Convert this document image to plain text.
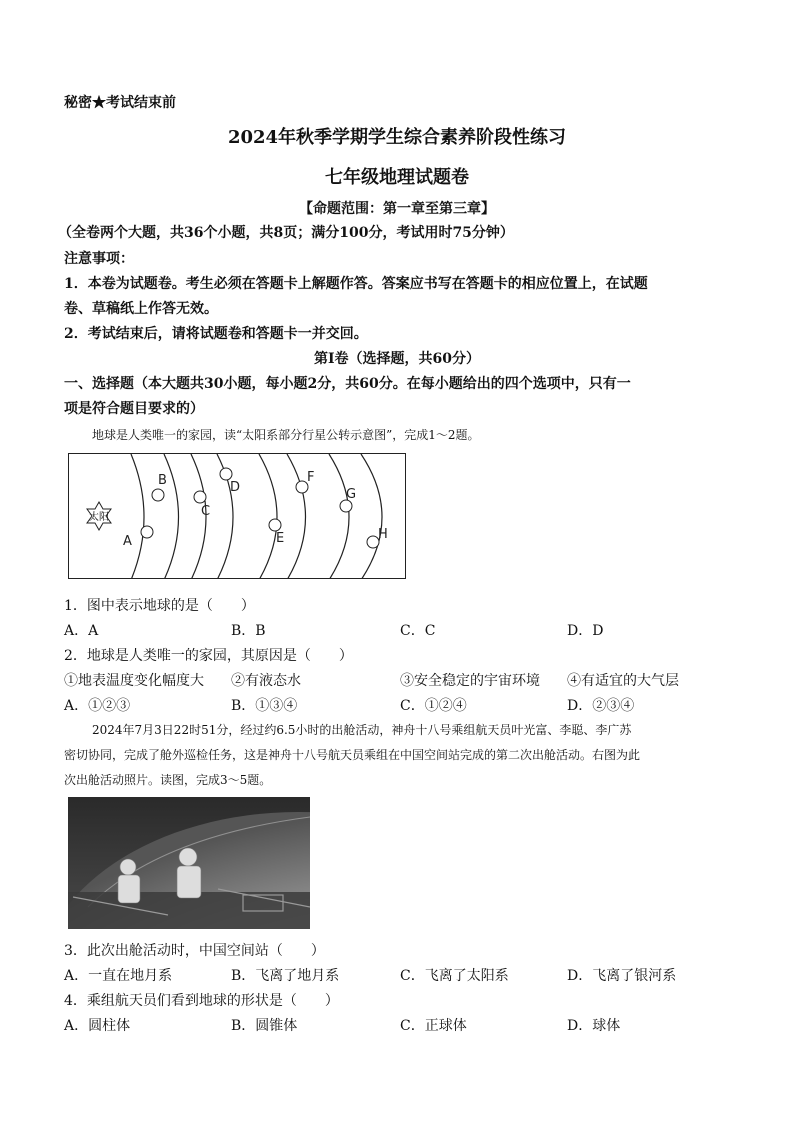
秘密★考试结束前
2024年秋季学期学生综合素养阶段性练习
七年级地理试题卷
【命题范围：第一章至第三章】
（全卷两个大题，共36个小题，共8页；满分100分，考试用时75分钟）
注意事项：
1．本卷为试题卷。考生必须在答题卡上解题作答。答案应书写在答题卡的相应位置上，在试题
卷、草稿纸上作答无效。
2．考试结束后，请将试题卷和答题卡一并交回。
第Ⅰ卷（选择题，共60分）
一、选择题（本大题共30小题，每小题2分，共60分。在每小题给出的四个选项中，只有一
项是符合题目要求的）
地球是人类唯一的家园，读“太阳系部分行星公转示意图”，完成1～2题。
太阳
A
B
C
D
E
F
G
H
1．图中表示地球的是（　　）
A．A	B．B	C．C	D．D
2．地球是人类唯一的家园，其原因是（　　）
①地表温度变化幅度大 ②有液态水	③安全稳定的宇宙环境 ④有适宜的大气层
A．①②③	B．①③④	C．①②④	D．②③④
2024年7月3日22时51分，经过约6.5小时的出舱活动，神舟十八号乘组航天员叶光富、李聪、李广苏
密切协同，完成了舱外巡检任务，这是神舟十八号航天员乘组在中国空间站完成的第二次出舱活动。右图为此
次出舱活动照片。读图，完成3～5题。
3．此次出舱活动时，中国空间站（　　）
A．一直在地月系	B．飞离了地月系	C．飞离了太阳系	D．飞离了银河系
4．乘组航天员们看到地球的形状是（　　）
A．圆柱体	B．圆锥体	C．正球体	D．球体
